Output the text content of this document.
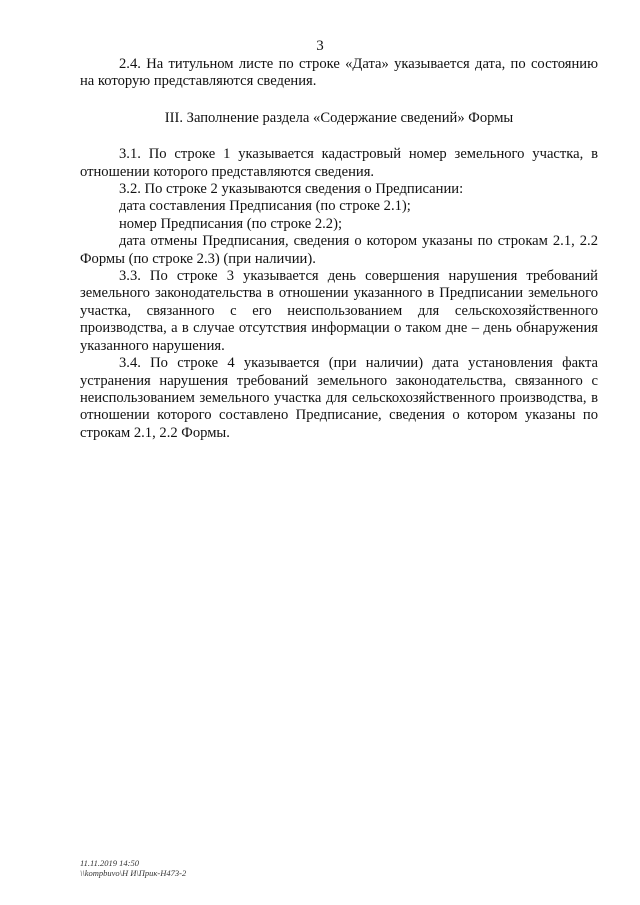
3

2.4. На титульном листе по строке «Дата» указывается дата, по состоянию на которую представляются сведения.

III. Заполнение раздела «Содержание сведений» Формы

3.1. По строке 1 указывается кадастровый номер земельного участка, в отношении которого представляются сведения.

3.2. По строке 2 указываются сведения о Предписании:

дата составления Предписания (по строке 2.1);

номер Предписания (по строке 2.2);

дата отмены Предписания, сведения о котором указаны по строкам 2.1, 2.2 Формы (по строке 2.3) (при наличии).

3.3. По строке 3 указывается день совершения нарушения требований земельного законодательства в отношении указанного в Предписании земельного участка, связанного с его неиспользованием для сельскохозяйственного производства, а в случае отсутствия информации о таком дне – день обнаружения указанного нарушения.

3.4. По строке 4 указывается (при наличии) дата установления факта устранения нарушения требований земельного законодательства, связанного с неиспользованием земельного участка для сельскохозяйственного производства, в отношении которого составлено Предписание, сведения о котором указаны по строкам 2.1, 2.2 Формы.

11.11.2019 14:50
\\kompbuvo\Н И\Прик-Н473-2
